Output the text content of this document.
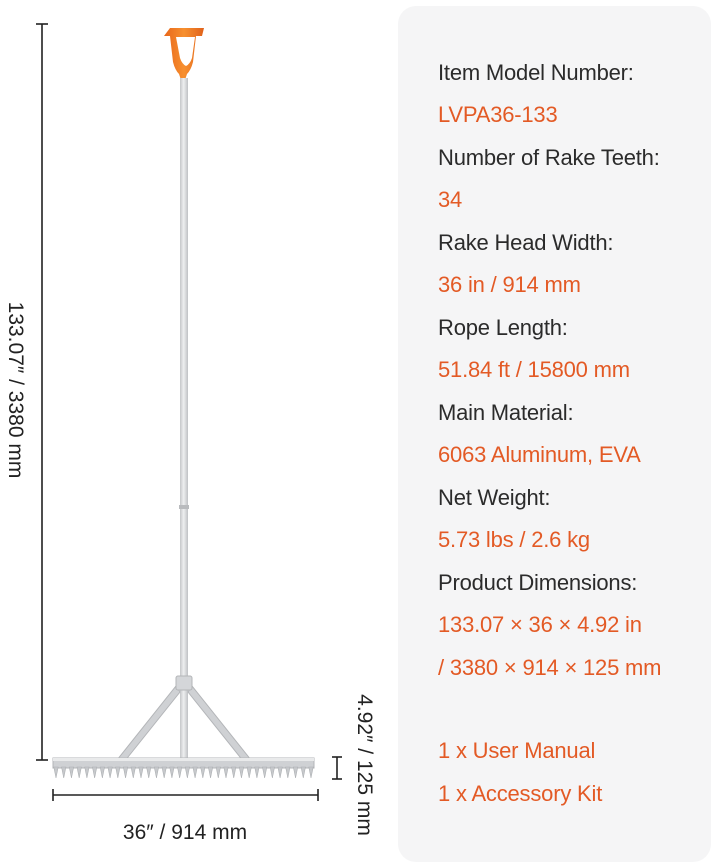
133.07″ / 3380 mm
4.92″ / 125 mm
36″ / 914 mm
Item Model Number:
LVPA36-133
Number of Rake Teeth:
34
Rake Head Width:
36 in / 914 mm
Rope Length:
51.84 ft / 15800 mm
Main Material:
6063 Aluminum, EVA
Net Weight:
5.73 lbs / 2.6 kg
Product Dimensions:
133.07 × 36 × 4.92 in
/ 3380 × 914 × 125 mm
1 x User Manual
1 x Accessory Kit
